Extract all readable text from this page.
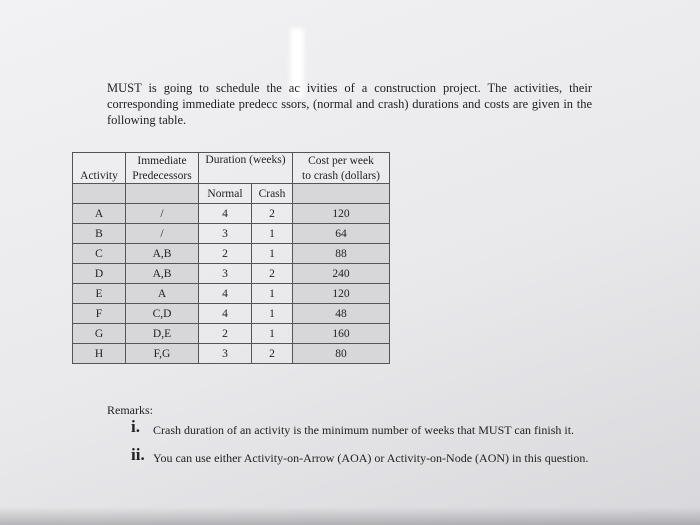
MUST is going to schedule the ac ivities of a construction project. The activities, their corresponding immediate predecc ssors, (normal and crash) durations and costs are given in the following table.
Activity	Immediate	Duration (weeks)		Cost per week
	Predecessors			to crash (dollars)
		Normal	Crash	
A	/	4	2	120
B	/	3	1	64
C	A,B	2	1	88
D	A,B	3	2	240
E	A	4	1	120
F	C,D	4	1	48
G	D,E	2	1	160
H	F,G	3	2	80
Remarks:
i. Crash duration of an activity is the minimum number of weeks that MUST can finish it.
ii. You can use either Activity-on-Arrow (AOA) or Activity-on-Node (AON) in this question.
